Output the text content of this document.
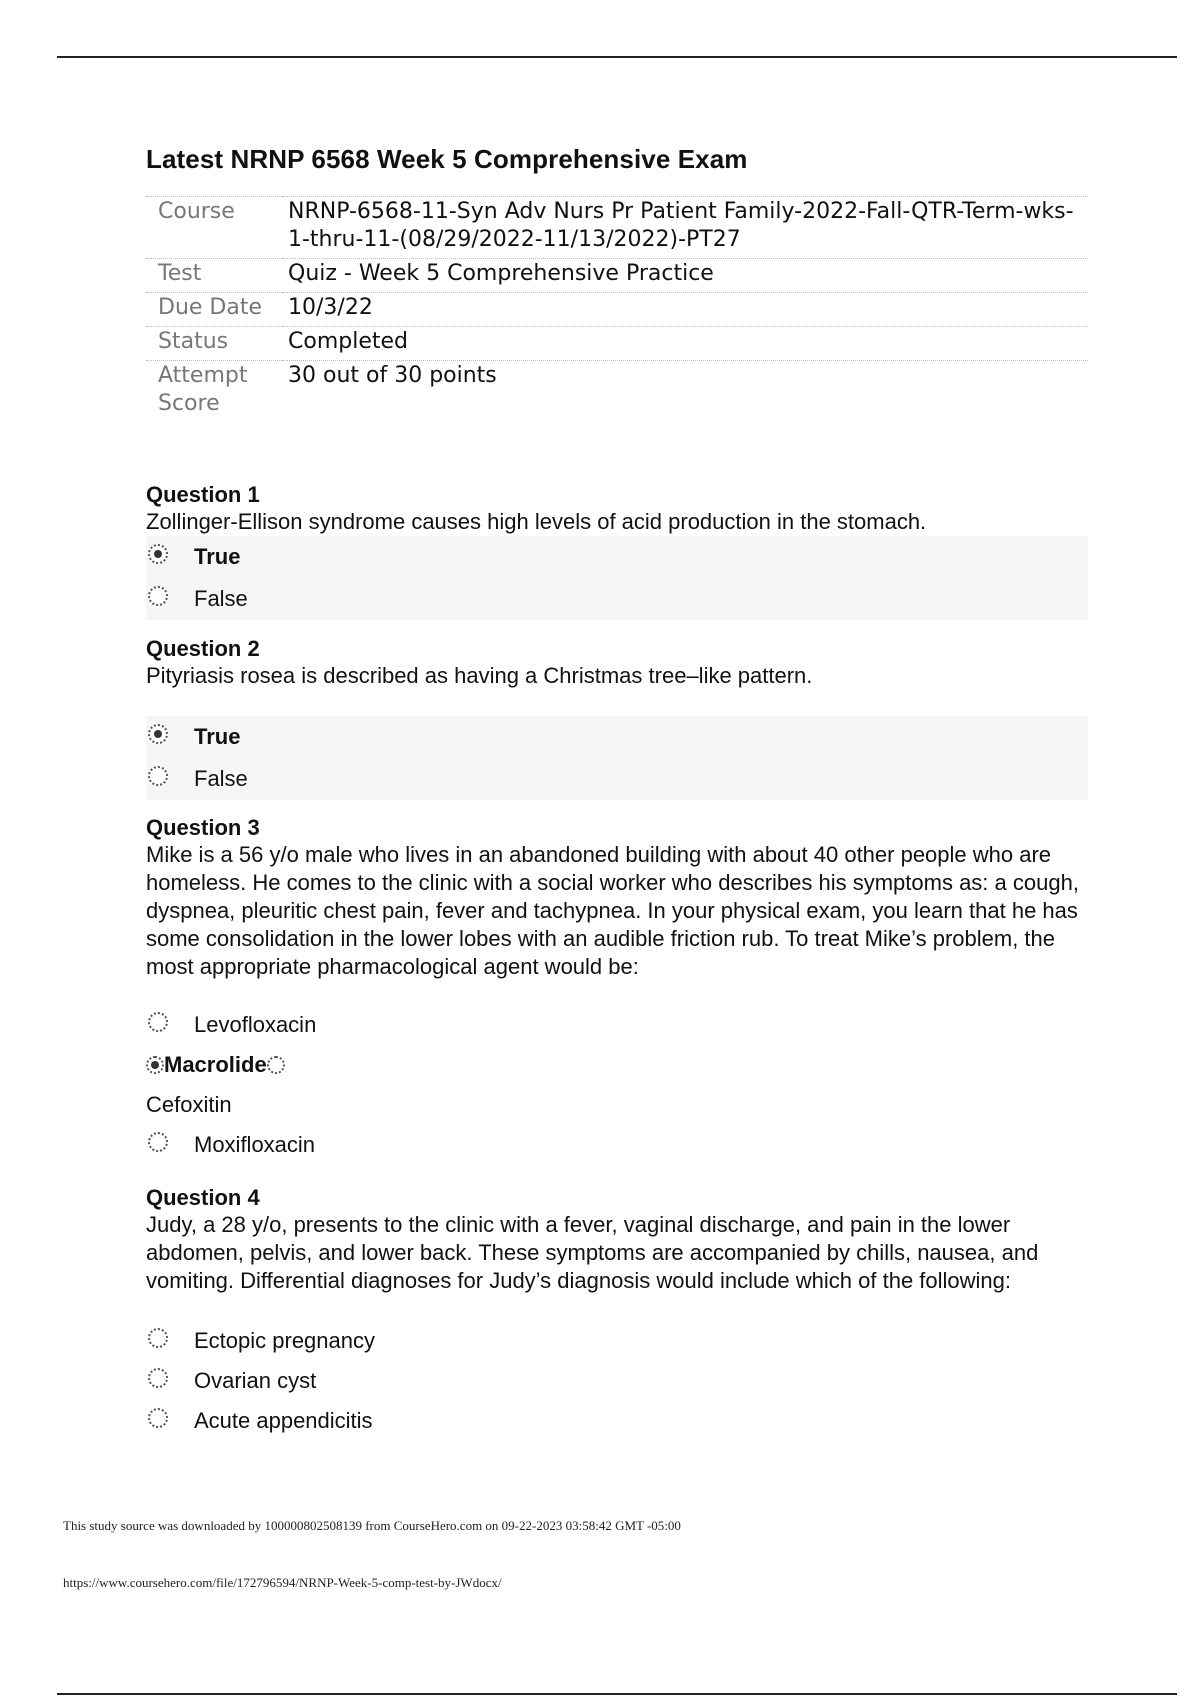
Latest NRNP 6568 Week 5 Comprehensive Exam
Course	NRNP-6568-11-Syn Adv Nurs Pr Patient Family-2022-Fall-QTR-Term-wks-1-thru-11-(08/29/2022-11/13/2022)-PT27
Test	Quiz - Week 5 Comprehensive Practice
Due Date	10/3/22
Status	Completed
Attempt Score	30 out of 30 points
Question 1
Zollinger-Ellison syndrome causes high levels of acid production in the stomach.
True
False
Question 2
Pityriasis rosea is described as having a Christmas tree–like pattern.
True
False
Question 3
Mike is a 56 y/o male who lives in an abandoned building with about 40 other people who are homeless. He comes to the clinic with a social worker who describes his symptoms as: a cough, dyspnea, pleuritic chest pain, fever and tachypnea. In your physical exam, you learn that he has some consolidation in the lower lobes with an audible friction rub. To treat Mike’s problem, the most appropriate pharmacological agent would be:
Levofloxacin
Macrolide
Cefoxitin
Moxifloxacin
Question 4
Judy, a 28 y/o, presents to the clinic with a fever, vaginal discharge, and pain in the lower abdomen, pelvis, and lower back. These symptoms are accompanied by chills, nausea, and vomiting. Differential diagnoses for Judy’s diagnosis would include which of the following:
Ectopic pregnancy
Ovarian cyst
Acute appendicitis
This study source was downloaded by 100000802508139 from CourseHero.com on 09-22-2023 03:58:42 GMT -05:00
https://www.coursehero.com/file/172796594/NRNP-Week-5-comp-test-by-JWdocx/
